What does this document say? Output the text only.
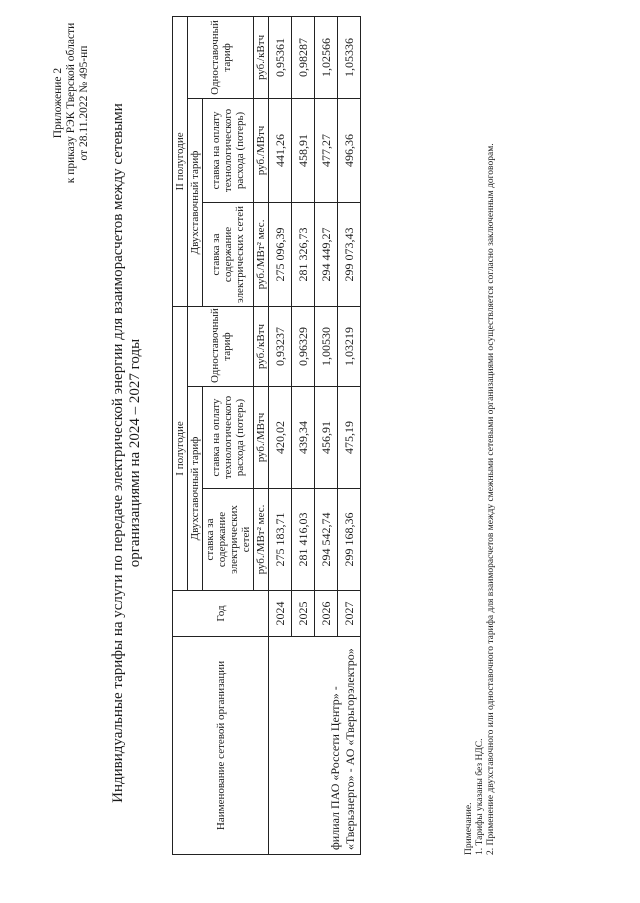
Приложение 2 к приказу РЭК Тверской области от 28.11.2022 № 495-нп
Индивидуальные тарифы на услуги по передаче электрической энергии для взаиморасчетов между сетевыми организациями на 2024 – 2027 годы
Наименование сетевой организации	Год	I полугодие			II полугодие		
		Двухставочный тариф		Одноставочный тариф	Двухставочный тариф		Одноставочный тариф
		ставка за содержание электрических сетей	ставка на оплату технологического расхода (потерь)		ставка за содержание электрических сетей	ставка на оплату технологического расхода (потерь)	
		руб./МВт² мес.	руб./МВтч	руб./кВтч	руб./МВт² мес.	руб./МВтч	руб./кВтч
филиал ПАО «Россети Центр» - «Тверьэнерго» - АО «Тверьгорэлектро»	2024	275 183,71	420,02	0,93237	275 096,39	441,26	0,95361
	2025	281 416,03	439,34	0,96329	281 326,73	458,91	0,98287
	2026	294 542,74	456,91	1,00530	294 449,27	477,27	1,02566
	2027	299 168,36	475,19	1,03219	299 073,43	496,36	1,05336
Примечание. 1. Тарифы указаны без НДС. 2. Применение двухставочного или одноставочного тарифа для взаиморасчетов между смежными сетевыми организациями осуществляется согласно заключенным договорам.
